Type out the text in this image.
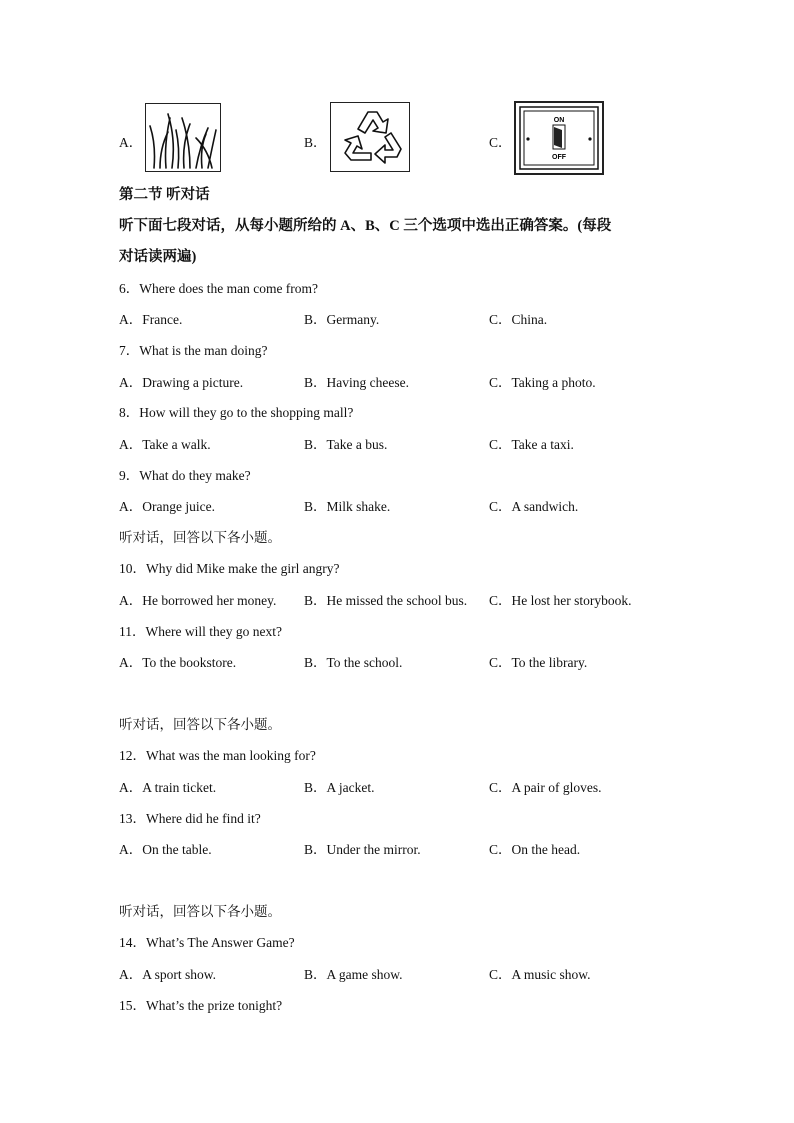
A．	B．	C．
ON
OFF
第二节 听对话
听下面七段对话，从每小题所给的 A、B、C 三个选项中选出正确答案。(每段
对话读两遍)
6．Where does the man come from?
A．France.	B．Germany.	C．China.
7．What is the man doing?
A．Drawing a picture.	B．Having cheese.	C．Taking a photo.
8．How will they go to the shopping mall?
A．Take a walk.	B．Take a bus.	C．Take a taxi.
9．What do they make?
A．Orange juice.	B．Milk shake.	C．A sandwich.
听对话，回答以下各小题。
10．Why did Mike make the girl angry?
A．He borrowed her money. B．He missed the school bus. C．He lost her storybook.
11．Where will they go next?
A．To the bookstore.	B．To the school.	C．To the library.
听对话，回答以下各小题。
12．What was the man looking for?
A．A train ticket.	B．A jacket.	C．A pair of gloves.
13．Where did he find it?
A．On the table.	B．Under the mirror.	C．On the head.
听对话，回答以下各小题。
14．What’s The Answer Game?
A．A sport show.	B．A game show.	C．A music show.
15．What’s the prize tonight?
